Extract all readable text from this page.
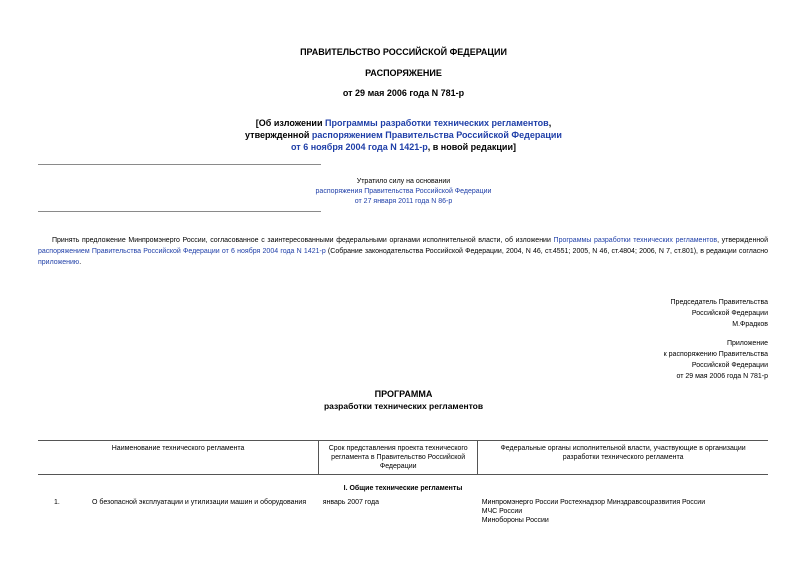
ПРАВИТЕЛЬСТВО РОССИЙСКОЙ ФЕДЕРАЦИИ
РАСПОРЯЖЕНИЕ
от 29 мая 2006 года N 781-р
[Об изложении Программы разработки технических регламентов,
утвержденной распоряжением Правительства Российской Федерации
от 6 ноября 2004 года N 1421-р, в новой редакции]
Утратило силу на основании
распоряжения Правительства Российской Федерации
от 27 января 2011 года N 86-р
Принять предложение Минпромэнерго России, согласованное с заинтересованными федеральными органами исполнительной власти, об изложении Программы разработки технических регламентов, утвержденной распоряжением Правительства Российской Федерации от 6 ноября 2004 года N 1421-р (Собрание законодательства Российской Федерации, 2004, N 46, ст.4551; 2005, N 46, ст.4804; 2006, N 7, ст.801), в редакции согласно приложению.
Председатель Правительства
Российской Федерации
М.Фрадков
Приложение
к распоряжению Правительства
Российской Федерации
от 29 мая 2006 года N 781-р
ПРОГРАММА
разработки технических регламентов
Наименование технического регламента		Срок представления проекта технического регламента в Правительство Российской Федерации	Федеральные органы исполнительной власти, участвующие в организации разработки технического регламента
I. Общие технические регламенты			
1.	О безопасной эксплуатации и утилизации машин и оборудования	январь 2007 года	Минпромэнерго России Ростехнадзор Минздравсоцразвития России
МЧС России
Минобороны России
